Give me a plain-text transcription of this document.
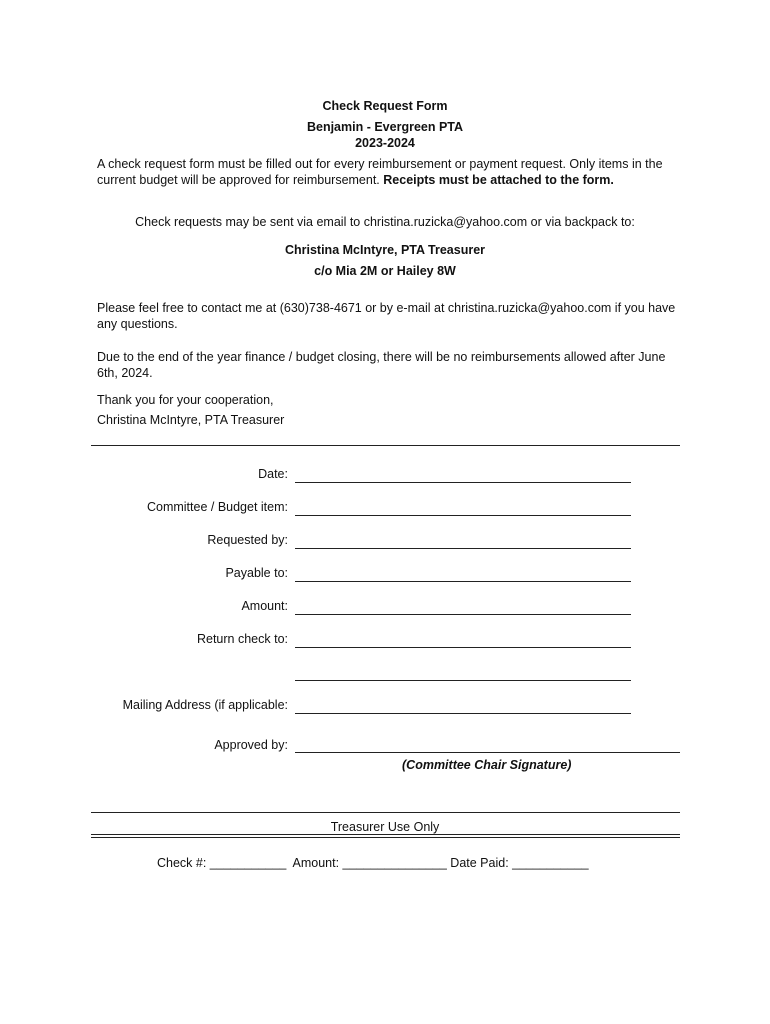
Check Request Form
Benjamin - Evergreen PTA
2023-2024
A check request form must be filled out for every reimbursement or payment request. Only items in the current budget will be approved for reimbursement. Receipts must be attached to the form.
Check requests may be sent via email to christina.ruzicka@yahoo.com or via backpack to:
Christina McIntyre, PTA Treasurer
c/o Mia 2M or Hailey 8W
Please feel free to contact me at (630)738-4671 or by e-mail at christina.ruzicka@yahoo.com if you have any questions.
Due to the end of the year finance / budget closing, there will be no reimbursements allowed after June 6th, 2024.
Thank you for your cooperation,
Christina McIntyre, PTA Treasurer
Date:
Committee / Budget item:
Requested by:
Payable to:
Amount:
Return check to:
Mailing Address (if applicable:
Approved by:
(Committee Chair Signature)
Treasurer Use Only
Check #: ___________  Amount: _______________ Date Paid: ___________
